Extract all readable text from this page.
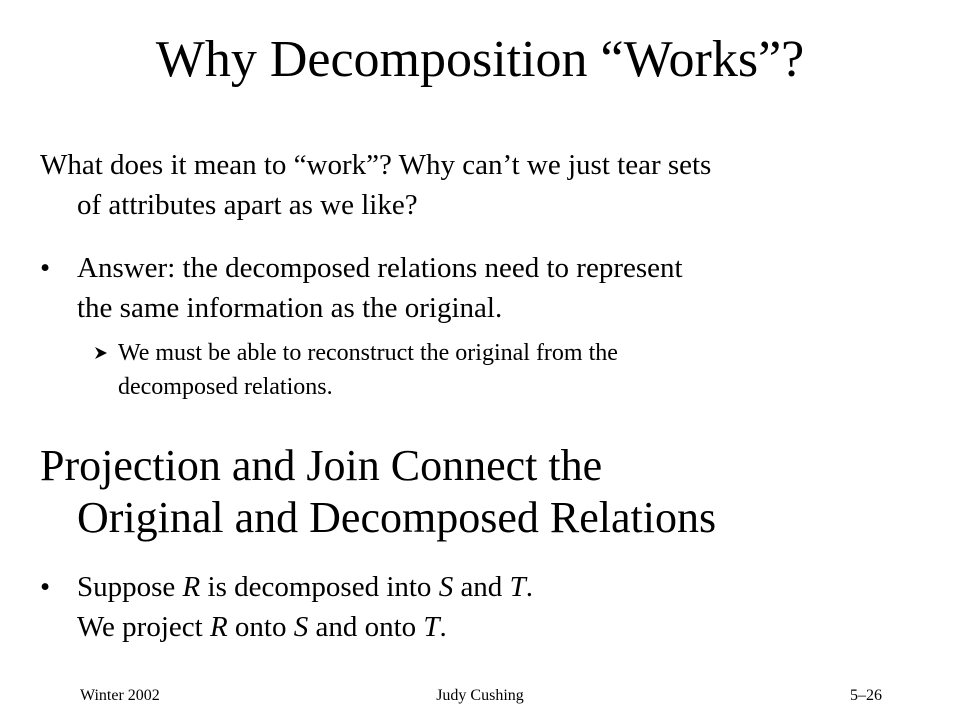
Why Decomposition “Works”?
What does it mean to “work”? Why can’t we just tear sets
of attributes apart as we like?
• Answer: the decomposed relations need to represent
the same information as the original.
We must be able to reconstruct the original from the
decomposed relations.
Projection and Join Connect the
Original and Decomposed Relations
• Suppose R is decomposed into S and T.
We project R onto S and onto T.
Winter 2002	Judy Cushing	5–26
